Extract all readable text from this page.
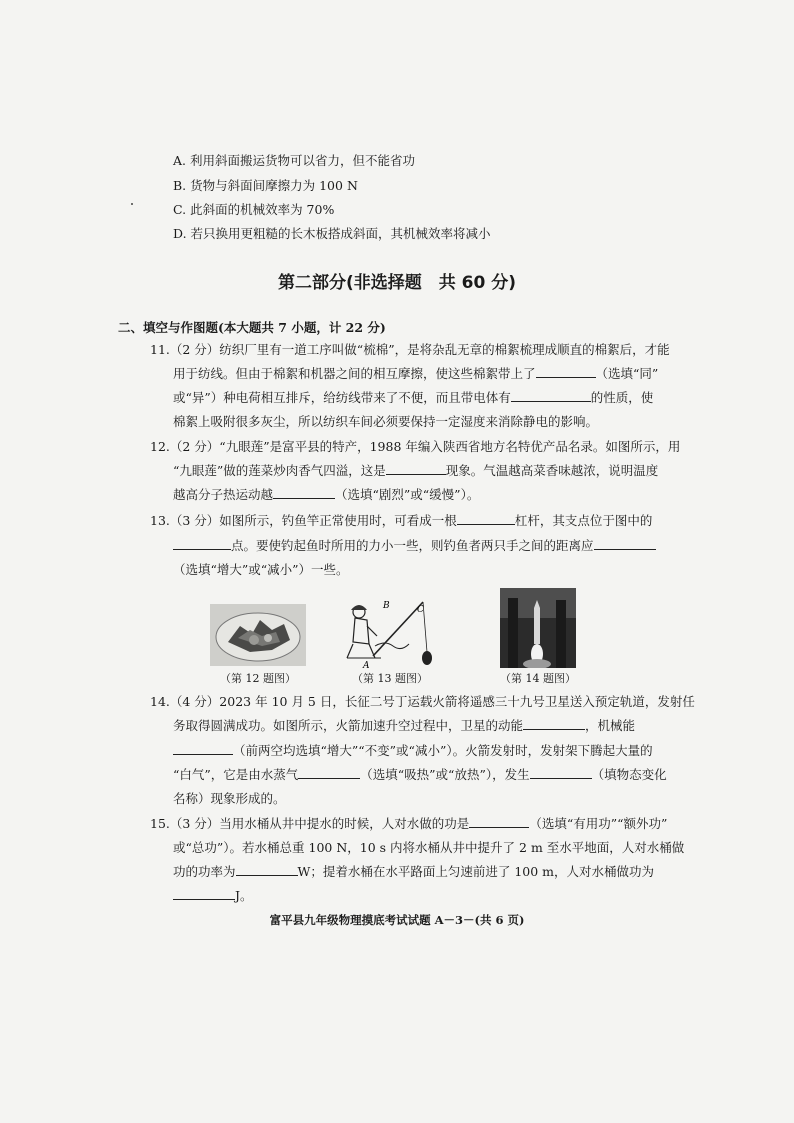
A. 利用斜面搬运货物可以省力，但不能省功
B. 货物与斜面间摩擦力为 100 N
C. 此斜面的机械效率为 70%
D. 若只换用更粗糙的长木板搭成斜面，其机械效率将减小
第二部分(非选择题　共 60 分)
二、填空与作图题(本大题共 7 小题，计 22 分)
11.（2 分）纺织厂里有一道工序叫做“梳棉”，是将杂乱无章的棉絮梳理成顺直的棉絮后，才能
用于纺线。但由于棉絮和机器之间的相互摩擦，使这些棉絮带上了	（选填“同”
或“异”）种电荷相互排斥，给纺线带来了不便，而且带电体有	的性质，使
棉絮上吸附很多灰尘，所以纺织车间必须要保持一定湿度来消除静电的影响。
12.（2 分）“九眼莲”是富平县的特产，1988 年编入陕西省地方名特优产品名录。如图所示，用
“九眼莲”做的莲菜炒肉香气四溢，这是	现象。气温越高菜香味越浓，说明温度
越高分子热运动越	（选填“剧烈”或“缓慢”）。
13.（3 分）如图所示，钓鱼竿正常使用时，可看成一根	杠杆，其支点位于图中的
点。要使钓起鱼时所用的力小一些，则钓鱼者两只手之间的距离应
（选填“增大”或“减小”）一些。
B	C
A
（第 12 题图）	（第 13 题图）	（第 14 题图）
14.（4 分）2023 年 10 月 5 日，长征二号丁运载火箭将遥感三十九号卫星送入预定轨道，发射任
务取得圆满成功。如图所示，火箭加速升空过程中，卫星的动能	，机械能
（前两空均选填“增大”“不变”或“减小”）。火箭发射时，发射架下腾起大量的
“白气”，它是由水蒸气	（选填“吸热”或“放热”），发生	（填物态变化
名称）现象形成的。
15.（3 分）当用水桶从井中提水的时候，人对水做的功是	（选填“有用功”“额外功”
或“总功”）。若水桶总重 100 N，10 s 内将水桶从井中提升了 2 m 至水平地面，人对水桶做
功的功率为	W；提着水桶在水平路面上匀速前进了 100 m，人对水桶做功为
J。
富平县九年级物理摸底考试试题 A－3－(共 6 页)
